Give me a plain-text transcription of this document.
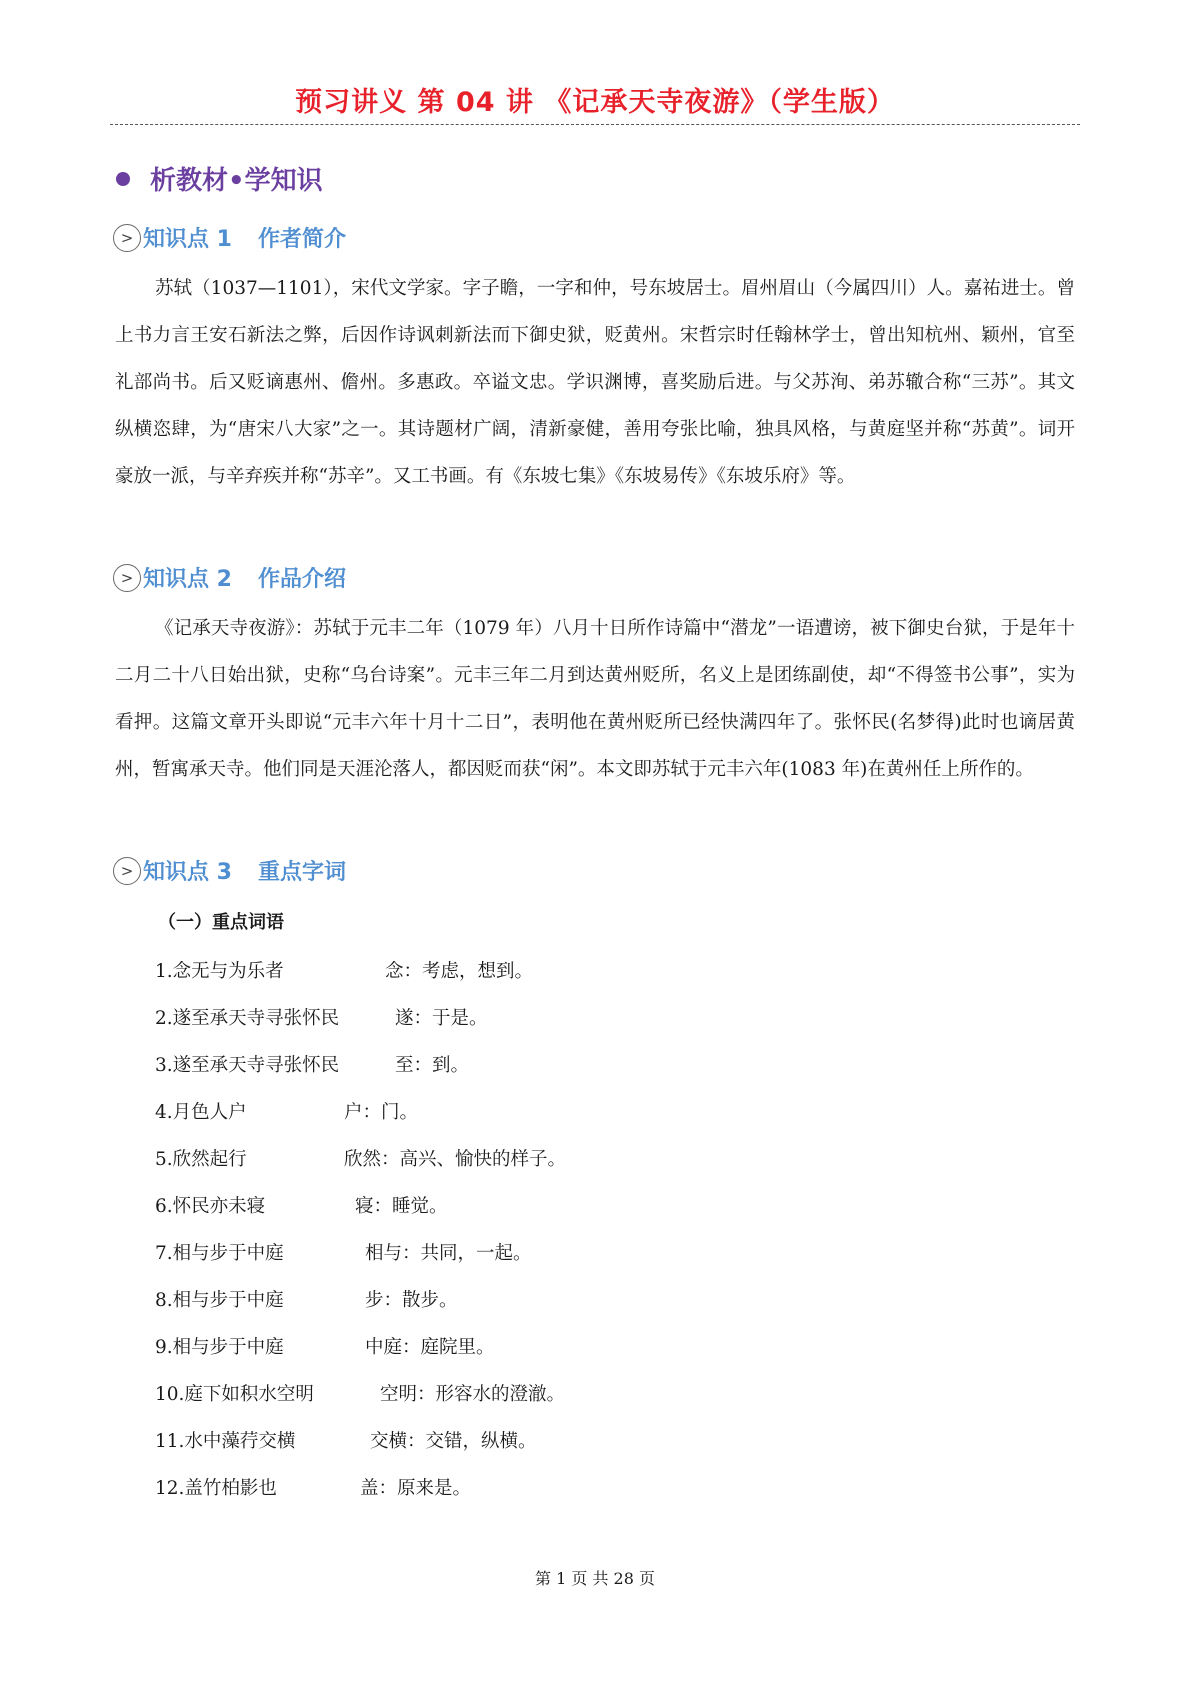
预习讲义 第 04 讲 《记承天寺夜游》（学生版）
析教材•学知识
> 知识点 1 作者简介

苏轼（1037—1101），宋代文学家。字子瞻，一字和仲，号东坡居士。眉州眉山（今属四川）人。嘉祐进士。曾上书力言王安石新法之弊，后因作诗讽刺新法而下御史狱，贬黄州。宋哲宗时任翰林学士，曾出知杭州、颖州，官至礼部尚书。后又贬谪惠州、儋州。多惠政。卒谥文忠。学识渊博，喜奖励后进。与父苏洵、弟苏辙合称“三苏”。其文纵横恣肆，为“唐宋八大家”之一。其诗题材广阔，清新豪健，善用夸张比喻，独具风格，与黄庭坚并称“苏黄”。词开豪放一派，与辛弃疾并称“苏辛”。又工书画。有《东坡七集》《东坡易传》《东坡乐府》等。

> 知识点 2 作品介绍

《记承天寺夜游》：苏轼于元丰二年（1079 年）八月十日所作诗篇中“潜龙”一语遭谤，被下御史台狱，于是年十二月二十八日始出狱，史称“乌台诗案”。元丰三年二月到达黄州贬所，名义上是团练副使，却“不得签书公事”，实为看押。这篇文章开头即说“元丰六年十月十二日”，表明他在黄州贬所已经快满四年了。张怀民(名梦得)此时也谪居黄州，暂寓承天寺。他们同是天涯沦落人，都因贬而获“闲”。本文即苏轼于元丰六年(1083 年)在黄州任上所作的。

> 知识点 3 重点字词
（一）重点词语
1.念无与为乐者	念：考虑，想到。
2.遂至承天寺寻张怀民	遂：于是。
3.遂至承天寺寻张怀民	至：到。
4.月色人户	户：门。
5.欣然起行	欣然：高兴、愉快的样子。
6.怀民亦未寝	寝：睡觉。
7.相与步于中庭	相与：共同，一起。
8.相与步于中庭	步：散步。
9.相与步于中庭	中庭：庭院里。
10.庭下如积水空明	空明：形容水的澄澈。
11.水中藻荇交横	交横：交错，纵横。
12.盖竹柏影也	盖：原来是。
第 1 页 共 28 页
